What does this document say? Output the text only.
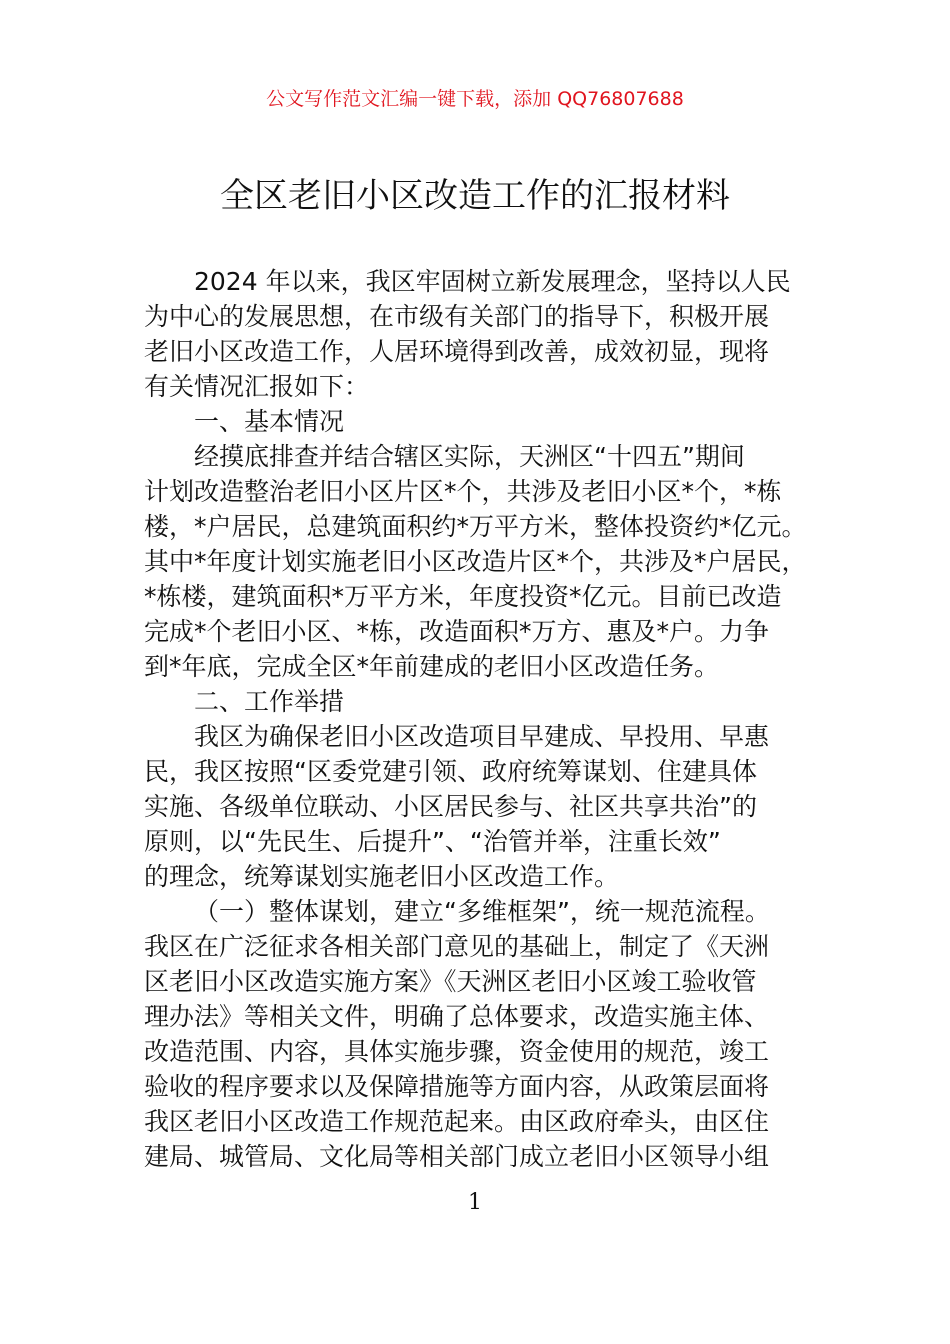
公文写作范文汇编一键下载，添加 QQ76807688
全区老旧小区改造工作的汇报材料
2024 年以来，我区牢固树立新发展理念，坚持以人民
为中心的发展思想，在市级有关部门的指导下，积极开展
老旧小区改造工作，人居环境得到改善，成效初显，现将
有关情况汇报如下：
一、基本情况
经摸底排查并结合辖区实际，天洲区“十四五”期间
计划改造整治老旧小区片区*个，共涉及老旧小区*个，*栋
楼，*户居民，总建筑面积约*万平方米，整体投资约*亿元。
其中*年度计划实施老旧小区改造片区*个，共涉及*户居民，
*栋楼，建筑面积*万平方米，年度投资*亿元。目前已改造
完成*个老旧小区、*栋，改造面积*万方、惠及*户。力争
到*年底，完成全区*年前建成的老旧小区改造任务。
二、工作举措
我区为确保老旧小区改造项目早建成、早投用、早惠
民，我区按照“区委党建引领、政府统筹谋划、住建具体
实施、各级单位联动、小区居民参与、社区共享共治”的
原则，以“先民生、后提升”、“治管并举，注重长效”
的理念，统筹谋划实施老旧小区改造工作。
（一）整体谋划，建立“多维框架”，统一规范流程。
我区在广泛征求各相关部门意见的基础上，制定了《天洲
区老旧小区改造实施方案》《天洲区老旧小区竣工验收管
理办法》等相关文件，明确了总体要求，改造实施主体、
改造范围、内容，具体实施步骤，资金使用的规范，竣工
验收的程序要求以及保障措施等方面内容，从政策层面将
我区老旧小区改造工作规范起来。由区政府牵头，由区住
建局、城管局、文化局等相关部门成立老旧小区领导小组
1
